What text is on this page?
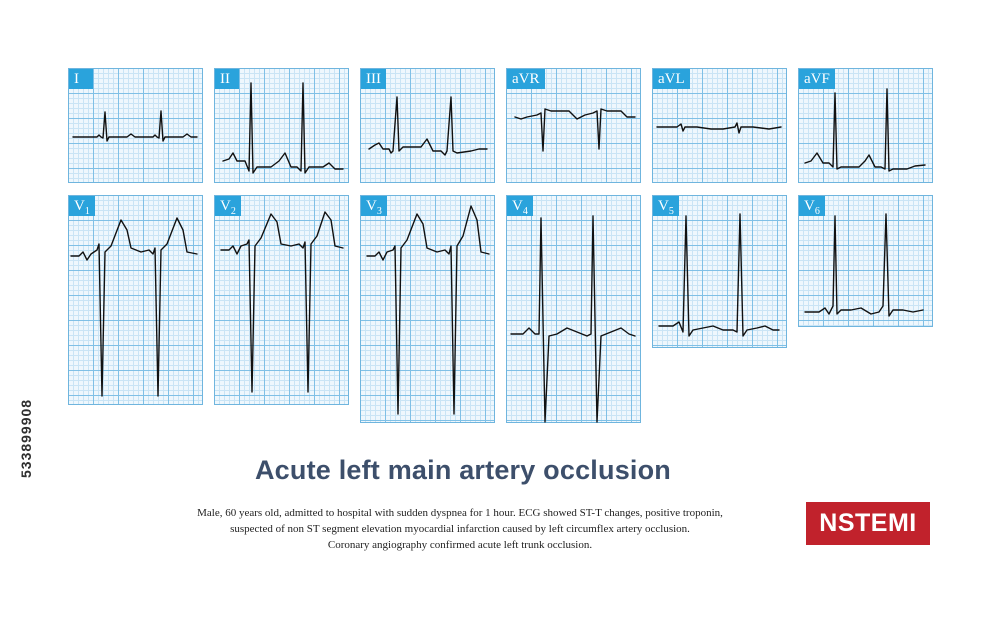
533899908
I	II	III	aVR	aVL	aVF
$V_1$	$V_2$	$V_3$	$V_4$	$V_5$	$V_6$
Acute left main artery occlusion
Male, 60 years old, admitted to hospital with sudden dyspnea for 1 hour. ECG showed ST-T changes, positive troponin,
suspected of non ST segment elevation myocardial infarction caused by left circumflex artery occlusion.
Coronary angiography confirmed acute left trunk occlusion.
NSTEMI
